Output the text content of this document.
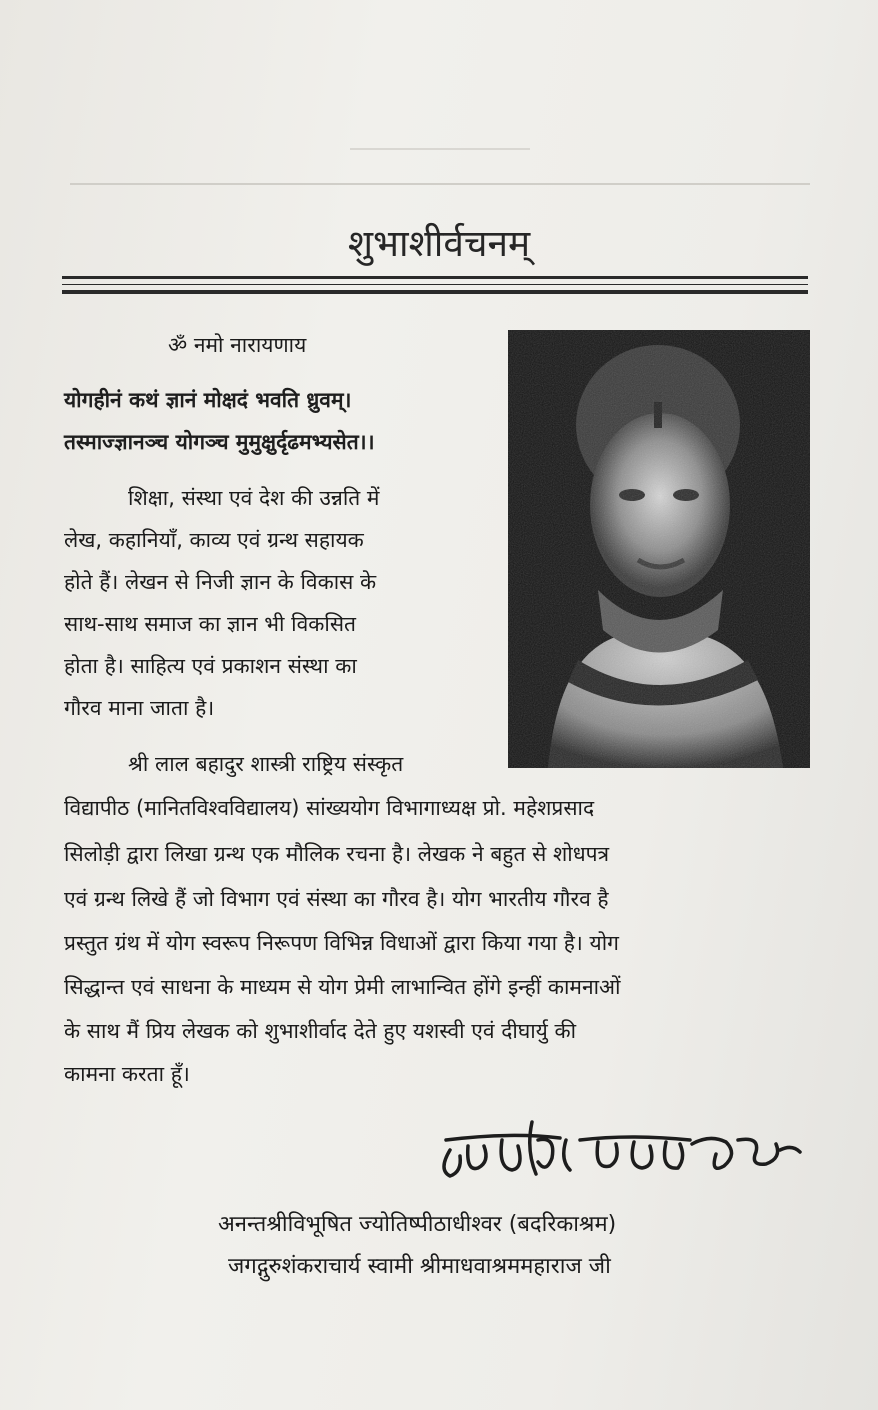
शुभाशीर्वचनम्
ॐ नमो नारायणाय
योगहीनं कथं ज्ञानं मोक्षदं भवति ध्रुवम्।
तस्माज्ज्ञानञ्च योगञ्च मुमुक्षुर्दृढमभ्यसेत।।
शिक्षा, संस्था एवं देश की उन्नति में
लेख, कहानियाँ, काव्य एवं ग्रन्थ सहायक
होते हैं। लेखन से निजी ज्ञान के विकास के
साथ-साथ समाज का ज्ञान भी विकसित
होता है। साहित्य एवं प्रकाशन संस्था का
गौरव माना जाता है।
श्री लाल बहादुर शास्त्री राष्ट्रिय संस्कृत
विद्यापीठ (मानितविश्वविद्यालय) सांख्ययोग विभागाध्यक्ष प्रो. महेशप्रसाद
सिलोड़ी द्वारा लिखा ग्रन्थ एक मौलिक रचना है। लेखक ने बहुत से शोधपत्र
एवं ग्रन्थ लिखे हैं जो विभाग एवं संस्था का गौरव है। योग भारतीय गौरव है
प्रस्तुत ग्रंथ में योग स्वरूप निरूपण विभिन्न विधाओं द्वारा किया गया है। योग
सिद्धान्त एवं साधना के माध्यम से योग प्रेमी लाभान्वित होंगे इन्हीं कामनाओं
के साथ मैं प्रिय लेखक को शुभाशीर्वाद देते हुए यशस्वी एवं दीघार्यु की
कामना करता हूँ।
अनन्तश्रीविभूषित ज्योतिष्पीठाधीश्वर (बदरिकाश्रम)
जगद्गुरुशंकराचार्य स्वामी श्रीमाधवाश्रममहाराज जी
